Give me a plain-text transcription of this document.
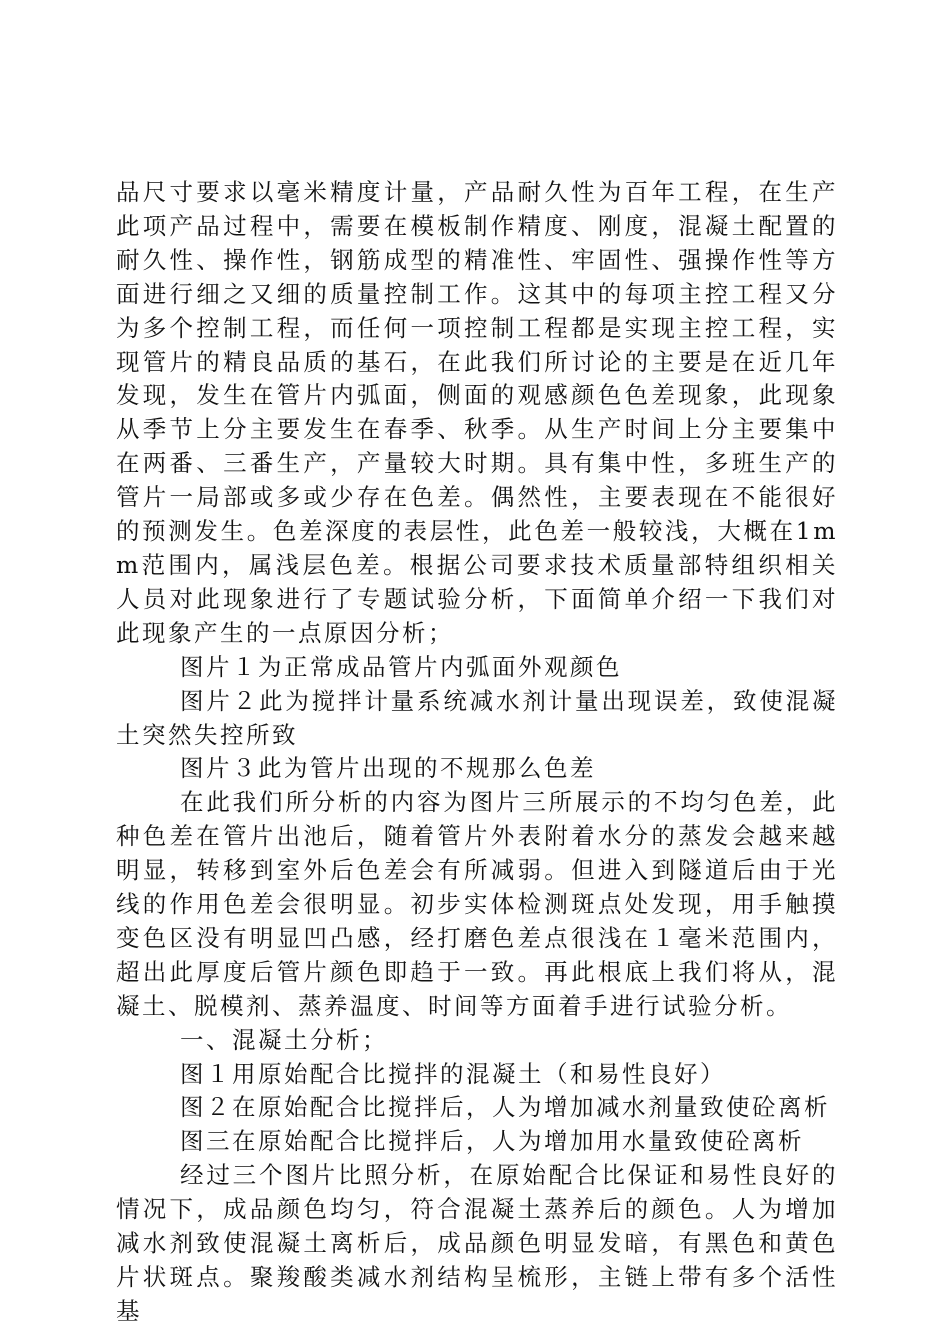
品尺寸要求以毫米精度计量，产品耐久性为百年工程，在生产此项产品过程中，需要在模板制作精度、刚度，混凝土配置的耐久性、操作性，钢筋成型的精准性、牢固性、强操作性等方面进行细之又细的质量控制工作。这其中的每项主控工程又分为多个控制工程，而任何一项控制工程都是实现主控工程，实现管片的精良品质的基石，在此我们所讨论的主要是在近几年发现，发生在管片内弧面，侧面的观感颜色色差现象，此现象从季节上分主要发生在春季、秋季。从生产时间上分主要集中在两番、三番生产，产量较大时期。具有集中性，多班生产的管片一局部或多或少存在色差。偶然性，主要表现在不能很好的预测发生。色差深度的表层性，此色差一般较浅，大概在1mm范围内，属浅层色差。根据公司要求技术质量部特组织相关人员对此现象进行了专题试验分析，下面简单介绍一下我们对此现象产生的一点原因分析；

图片１为正常成品管片内弧面外观颜色

图片２此为搅拌计量系统减水剂计量出现误差，致使混凝土突然失控所致

图片３此为管片出现的不规那么色差

在此我们所分析的内容为图片三所展示的不均匀色差，此种色差在管片出池后，随着管片外表附着水分的蒸发会越来越明显，转移到室外后色差会有所减弱。但进入到隧道后由于光线的作用色差会很明显。初步实体检测斑点处发现，用手触摸变色区没有明显凹凸感，经打磨色差点很浅在１毫米范围内，超出此厚度后管片颜色即趋于一致。再此根底上我们将从，混凝土、脱模剂、蒸养温度、时间等方面着手进行试验分析。

一、混凝土分析；

图１用原始配合比搅拌的混凝土（和易性良好）

图２在原始配合比搅拌后，人为增加减水剂量致使砼离析

图三在原始配合比搅拌后，人为增加用水量致使砼离析

经过三个图片比照分析，在原始配合比保证和易性良好的情况下，成品颜色均匀，符合混凝土蒸养后的颜色。人为增加减水剂致使混凝土离析后，成品颜色明显发暗，有黑色和黄色片状斑点。聚羧酸类减水剂结构呈梳形，主链上带有多个活性基
